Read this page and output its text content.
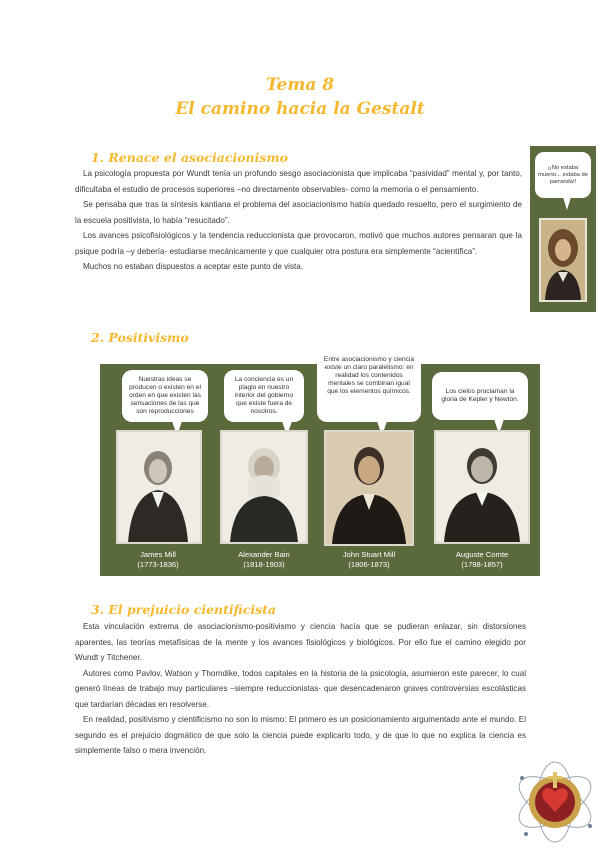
Tema 8
El camino hacia la Gestalt
1. Renace el asociacionismo

La psicología propuesta por Wundt tenía un profundo sesgo asociacionista que implicaba “pasividad” mental y, por tanto, dificultaba el estudio de procesos superiores –no directamente observables- como la memoria o el pensamiento.

Se pensaba que tras la síntesis kantiana el problema del asociacionismo había quedado resuelto, pero el surgimiento de la escuela positivista, lo había “resucitado”.

Los avances psicofisiológicos y la tendencia reduccionista que provocaron, motivó que muchos autores pensaran que la psique podría –y debería- estudiarse mecánicamente y que cualquier otra postura era simplemente “acientífica”.

Muchos no estaban dispuestos a aceptar este punto de vista.

¡¡No estaba muerto... estaba de parranda!!
2. Positivismo
Nuestras ideas se producen o existen en el orden en que existen las sensaciones de las que son reproducciones
James Mill
(1773-1836)
La conciencia es un plagio en nuestro interior del gobierno que existe fuera de nosotros.
Alexander Bain
(1818-1903)
Entre asociacionismo y ciencia existe un claro paralelismo: en realidad los contenidos mentales se combinan igual que los elementos químicos.
John Stuart Mill
(1806-1873)
Los cielos proclaman la gloria de Kepler y Newton.
Auguste Comte
(1798-1857)
3. El prejuicio cientificista

Esta vinculación extrema de asociacionismo-positivismo y ciencia hacía que se pudieran enlazar, sin distorsiones aparentes, las teorías metafísicas de la mente y los avances fisiológicos y biológicos. Por ello fue el camino elegido por Wundt y Titchener.

Autores como Pavlov, Watson y Thorndike, todos capitales en la historia de la psicología, asumieron este parecer, lo cual generó líneas de trabajo muy particulares –siempre reduccionistas- que desencadenaron graves controversias escolásticas que tardarían décadas en resolverse.

En realidad, positivismo y cientificismo no son lo mismo: El primero es un posicionamiento argumentado ante el mundo. El segundo es el prejuicio dogmático de que solo la ciencia puede explicarlo todo, y de que lo que no explica la ciencia es simplemente falso o mera invención.
